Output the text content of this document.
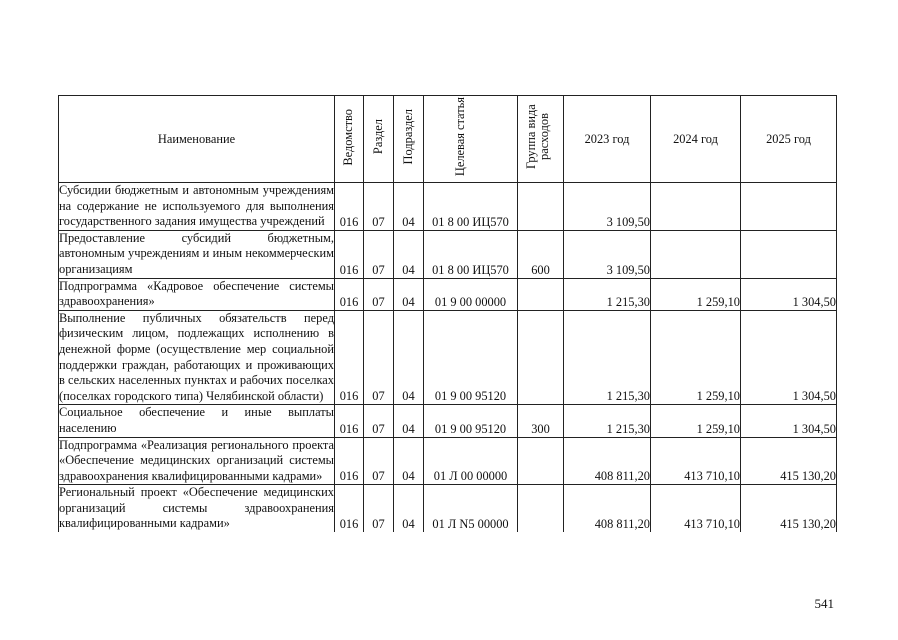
Наименование	Ведомство	Раздел	Подраздел	Целевая статья	Группа вида расходов	2023 год	2024 год	2025 год
Субсидии бюджетным и автономным учреждениям на содержание не используемого для выполнения государственного задания имущества учреждений	016	07	04	01 8 00 ИЦ570		3 109,50		
Предоставление субсидий бюджетным, автономным учреждениям и иным некоммерческим организациям	016	07	04	01 8 00 ИЦ570	600	3 109,50		
Подпрограмма «Кадровое обеспечение системы здравоохранения»	016	07	04	01 9 00 00000		1 215,30	1 259,10	1 304,50
Выполнение публичных обязательств перед физическим лицом, подлежащих исполнению в денежной форме (осуществление мер социальной поддержки граждан, работающих и проживающих в сельских населенных пунктах и рабочих поселках (поселках городского типа) Челябинской области)	016	07	04	01 9 00 95120		1 215,30	1 259,10	1 304,50
Социальное обеспечение и иные выплаты населению	016	07	04	01 9 00 95120	300	1 215,30	1 259,10	1 304,50
Подпрограмма «Реализация регионального проекта «Обеспечение медицинских организаций системы здравоохранения квалифицированными кадрами»	016	07	04	01 Л 00 00000		408 811,20	413 710,10	415 130,20
Региональный проект «Обеспечение медицинских организаций системы здравоохранения квалифицированными кадрами»	016	07	04	01 Л N5 00000		408 811,20	413 710,10	415 130,20
541
